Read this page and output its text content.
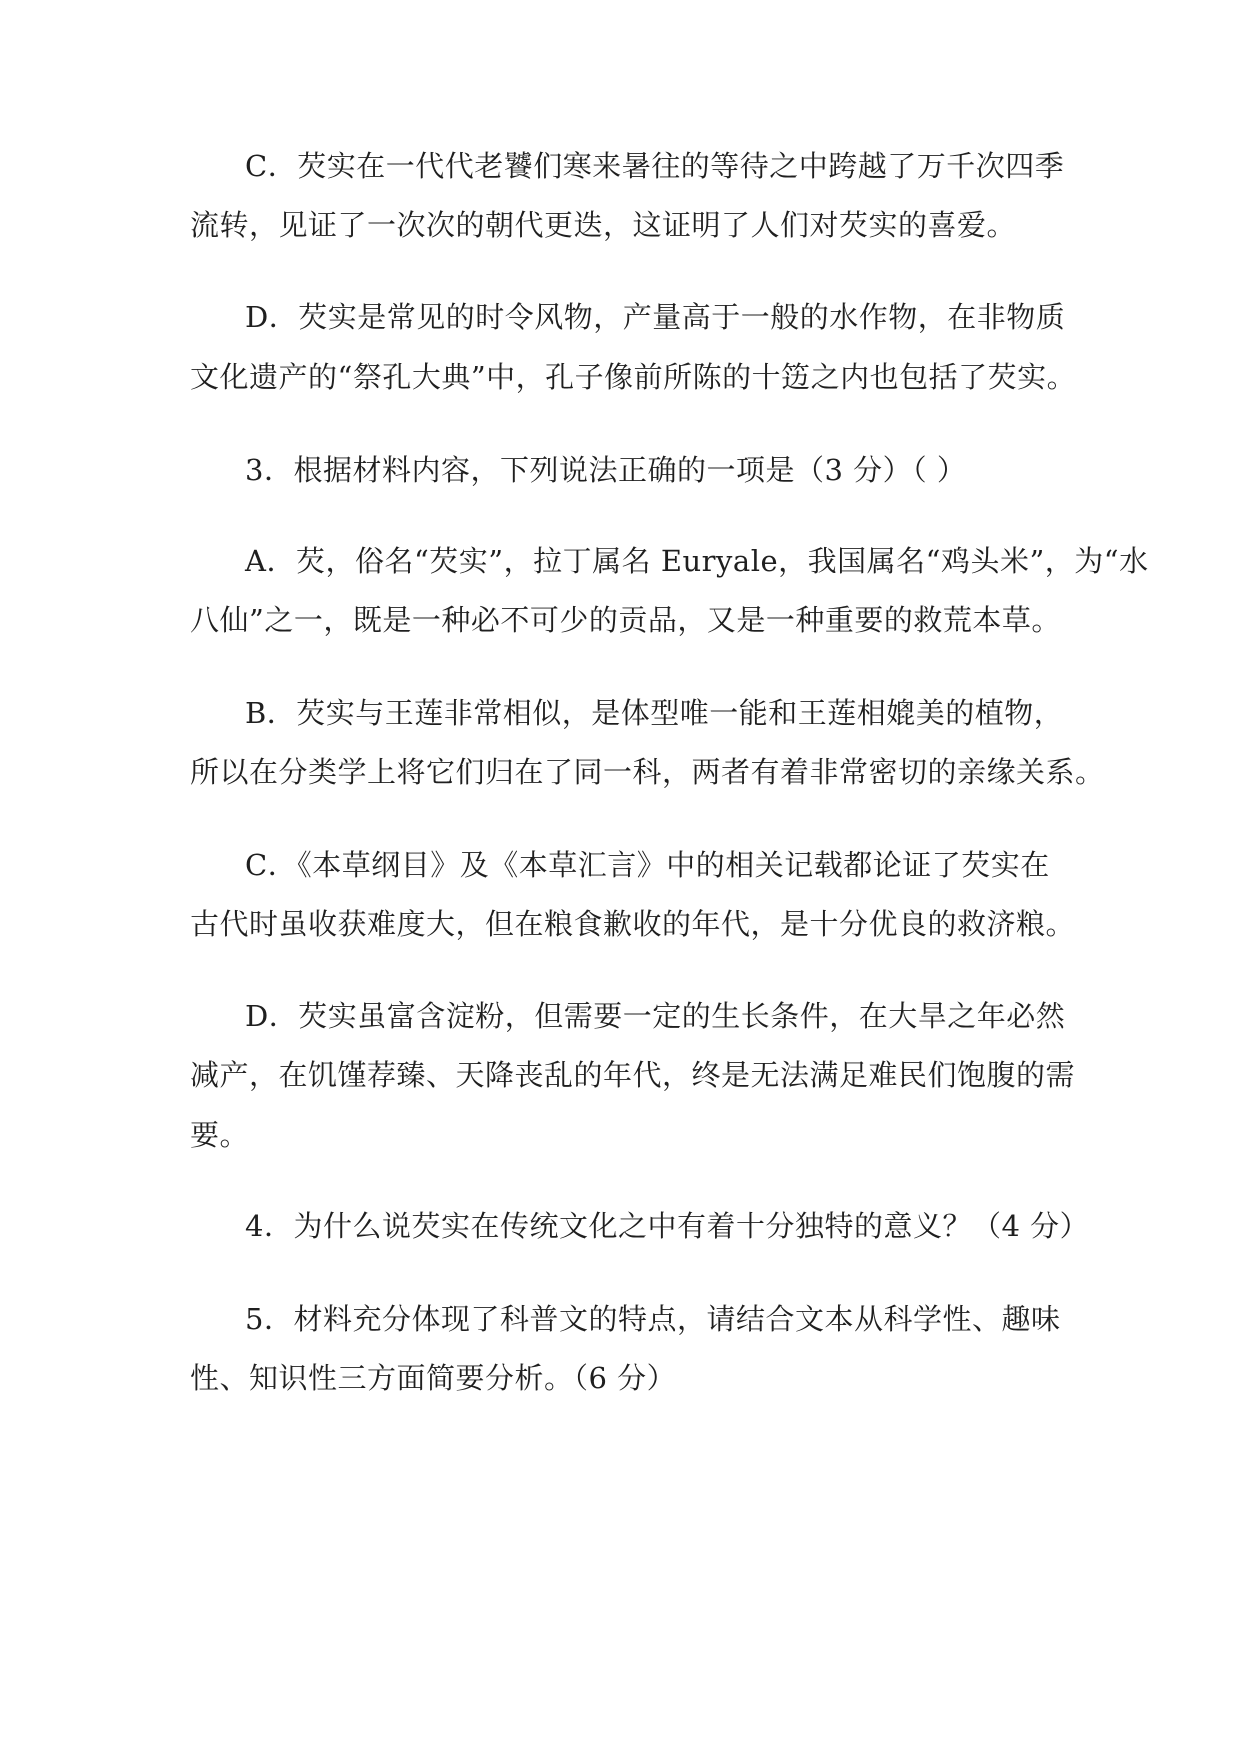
C．芡实在一代代老饕们寒来暑往的等待之中跨越了万千次四季

流转，见证了一次次的朝代更迭，这证明了人们对芡实的喜爱。

D．芡实是常见的时令风物，产量高于一般的水作物，在非物质

文化遗产的“祭孔大典”中，孔子像前所陈的十笾之内也包括了芡实。

3．根据材料内容，下列说法正确的一项是（3 分）（ ）

A．芡，俗名“芡实”，拉丁属名 Euryale，我国属名“鸡头米”，为“水

八仙”之一，既是一种必不可少的贡品，又是一种重要的救荒本草。

B．芡实与王莲非常相似，是体型唯一能和王莲相媲美的植物，

所以在分类学上将它们归在了同一科，两者有着非常密切的亲缘关系。

C．《本草纲目》及《本草汇言》中的相关记载都论证了芡实在

古代时虽收获难度大，但在粮食歉收的年代，是十分优良的救济粮。

D．芡实虽富含淀粉，但需要一定的生长条件，在大旱之年必然

减产，在饥馑荐臻、天降丧乱的年代，终是无法满足难民们饱腹的需

要。

4．为什么说芡实在传统文化之中有着十分独特的意义？（4 分）

5．材料充分体现了科普文的特点，请结合文本从科学性、趣味

性、知识性三方面简要分析。（6 分）
